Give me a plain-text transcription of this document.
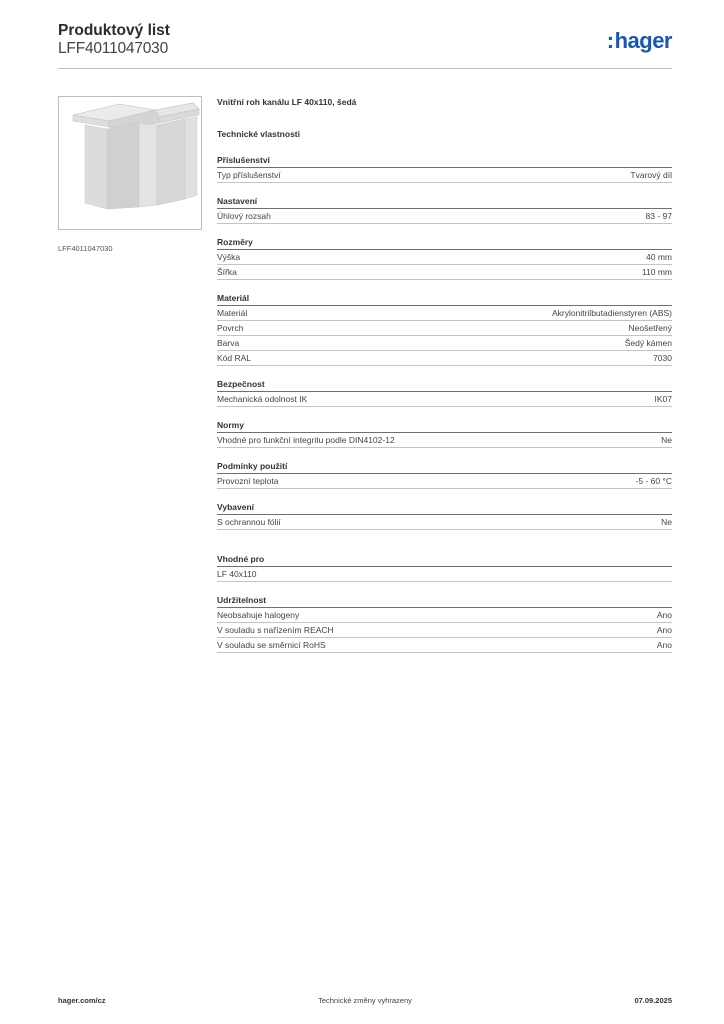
Produktový list
LFF4011047030	:hager
LFF4011047030
Vnitřní roh kanálu LF 40x110, šedá
Technické vlastnosti
Příslušenství
Typ příslušenství	Tvarový díl
Nastavení
Úhlový rozsah	83 - 97
Rozměry
Výška	40 mm
Šířka	110 mm
Materiál
Materiál	Akrylonitrilbutadienstyren (ABS)
Povrch	Neošetřený
Barva	Šedý kámen
Kód RAL	7030
Bezpečnost
Mechanická odolnost IK	IK07
Normy
Vhodné pro funkční integritu podle DIN4102-12	Ne
Podmínky použití
Provozní teplota	-5 - 60 °C
Vybavení
S ochrannou fólií	Ne
Vhodné pro
LF 40x110
Udržitelnost
Neobsahuje halogeny	Ano
V souladu s nařízením REACH	Ano
V souladu se směrnicí RoHS	Ano
hager.com/cz	Technické změny vyhrazeny	07.09.2025
